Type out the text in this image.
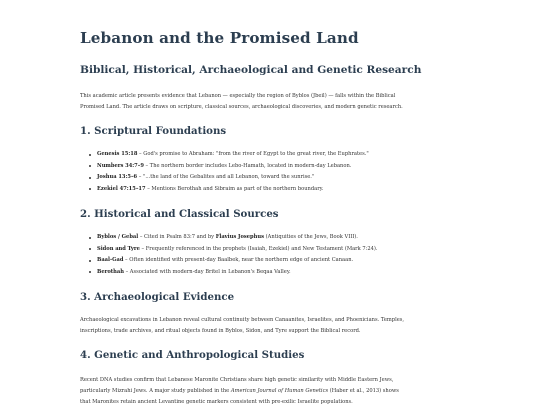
Lebanon and the Promised Land
Biblical, Historical, Archaeological and Genetic Research

This academic article presents evidence that Lebanon — especially the region of Byblos (Jbeil) — falls within the Biblical
Promised Land. The article draws on scripture, classical sources, archaeological discoveries, and modern genetic research.

1. Scriptural Foundations
Genesis 15:18 – God's promise to Abraham: "from the river of Egypt to the great river, the Euphrates."
Numbers 34:7–9 – The northern border includes Lebo-Hamath, located in modern-day Lebanon.
Joshua 13:5–6 – "...the land of the Gebalites and all Lebanon, toward the sunrise."
Ezekiel 47:15–17 – Mentions Berothah and Sibraim as part of the northern boundary.
2. Historical and Classical Sources
Byblos / Gebal – Cited in Psalm 83:7 and by Flavius Josephus (Antiquities of the Jews, Book VIII).
Sidon and Tyre – Frequently referenced in the prophets (Isaiah, Ezekiel) and New Testament (Mark 7:24).
Baal-Gad – Often identified with present-day Baalbek, near the northern edge of ancient Canaan.
Berothah – Associated with modern-day Britel in Lebanon's Beqaa Valley.
3. Archaeological Evidence

Archaeological excavations in Lebanon reveal cultural continuity between Canaanites, Israelites, and Phoenicians. Temples,
inscriptions, trade archives, and ritual objects found in Byblos, Sidon, and Tyre support the Biblical record.

4. Genetic and Anthropological Studies

Recent DNA studies confirm that Lebanese Maronite Christians share high genetic similarity with Middle Eastern Jews,
particularly Mizrahi Jews. A major study published in the American Journal of Human Genetics (Haber et al., 2013) shows
that Maronites retain ancient Levantine genetic markers consistent with pre-exilic Israelite populations.
